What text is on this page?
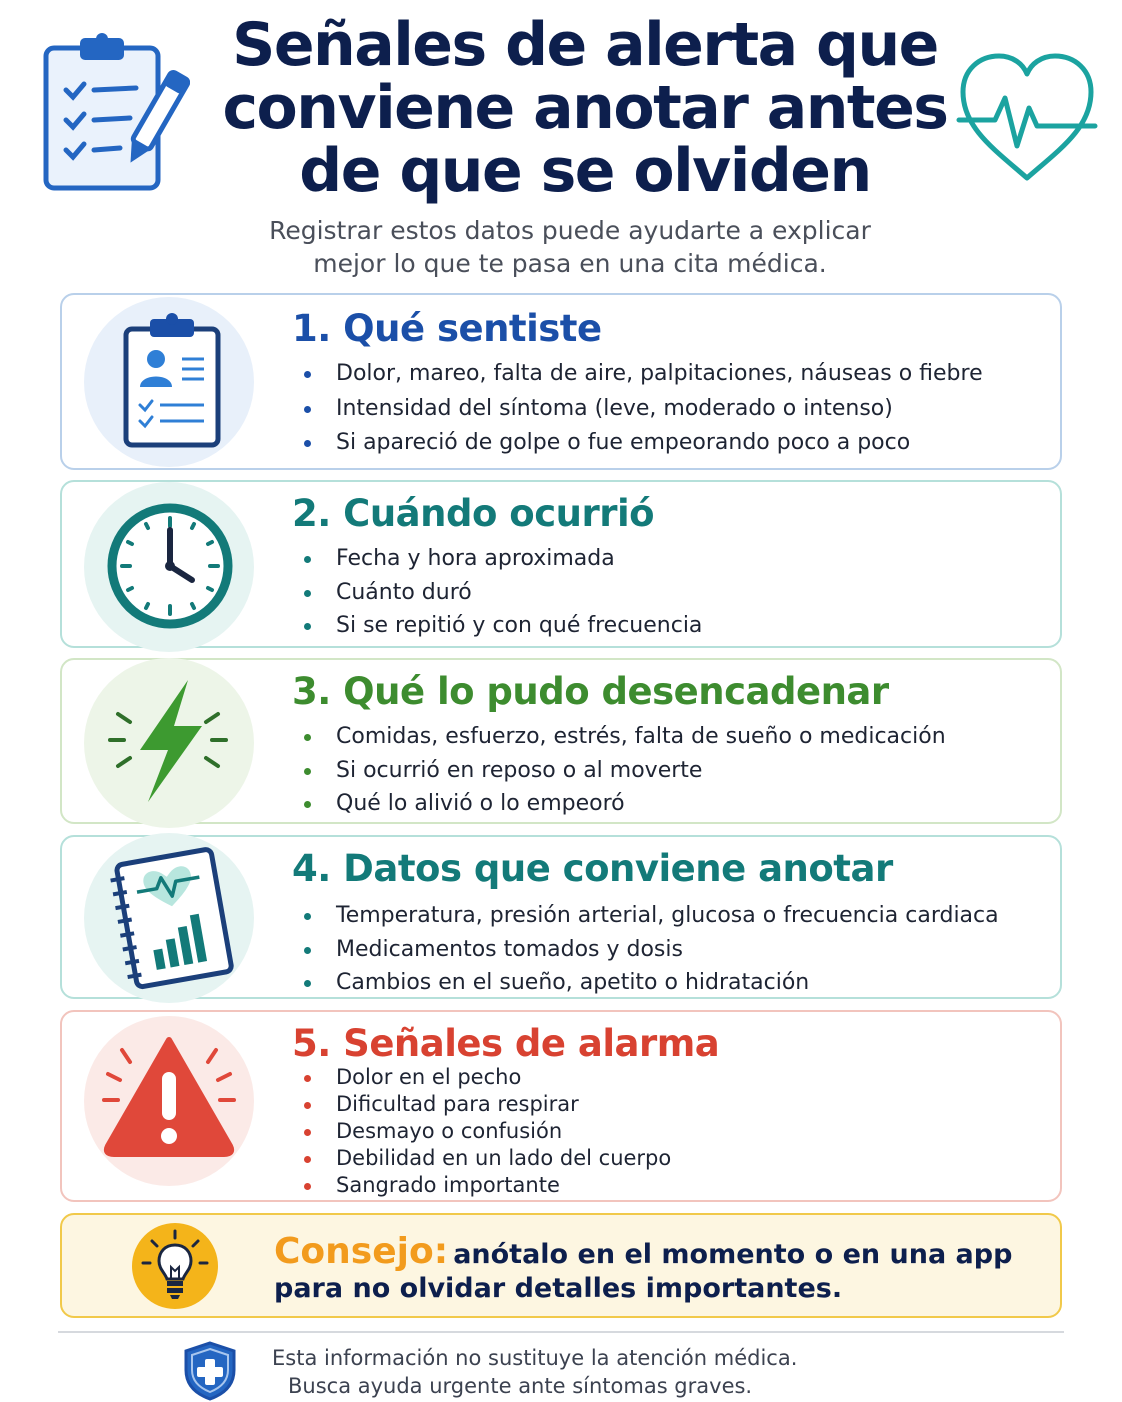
Señales de alerta que
conviene anotar antes
de que se olviden
Registrar estos datos puede ayudarte a explicar
mejor lo que te pasa en una cita médica.
1. Qué sentiste
Dolor, mareo, falta de aire, palpitaciones, náuseas o fiebre
Intensidad del síntoma (leve, moderado o intenso)
Si apareció de golpe o fue empeorando poco a poco
2. Cuándo ocurrió
Fecha y hora aproximada
Cuánto duró
Si se repitió y con qué frecuencia
3. Qué lo pudo desencadenar
Comidas, esfuerzo, estrés, falta de sueño o medicación
Si ocurrió en reposo o al moverte
Qué lo alivió o lo empeoró
4. Datos que conviene anotar
Temperatura, presión arterial, glucosa o frecuencia cardiaca
Medicamentos tomados y dosis
Cambios en el sueño, apetito o hidratación
5. Señales de alarma
Dolor en el pecho
Dificultad para respirar
Desmayo o confusión
Debilidad en un lado del cuerpo
Sangrado importante
Consejo: anótalo en el momento o en una app
para no olvidar detalles importantes.
Esta información no sustituye la atención médica.
Busca ayuda urgente ante síntomas graves.
